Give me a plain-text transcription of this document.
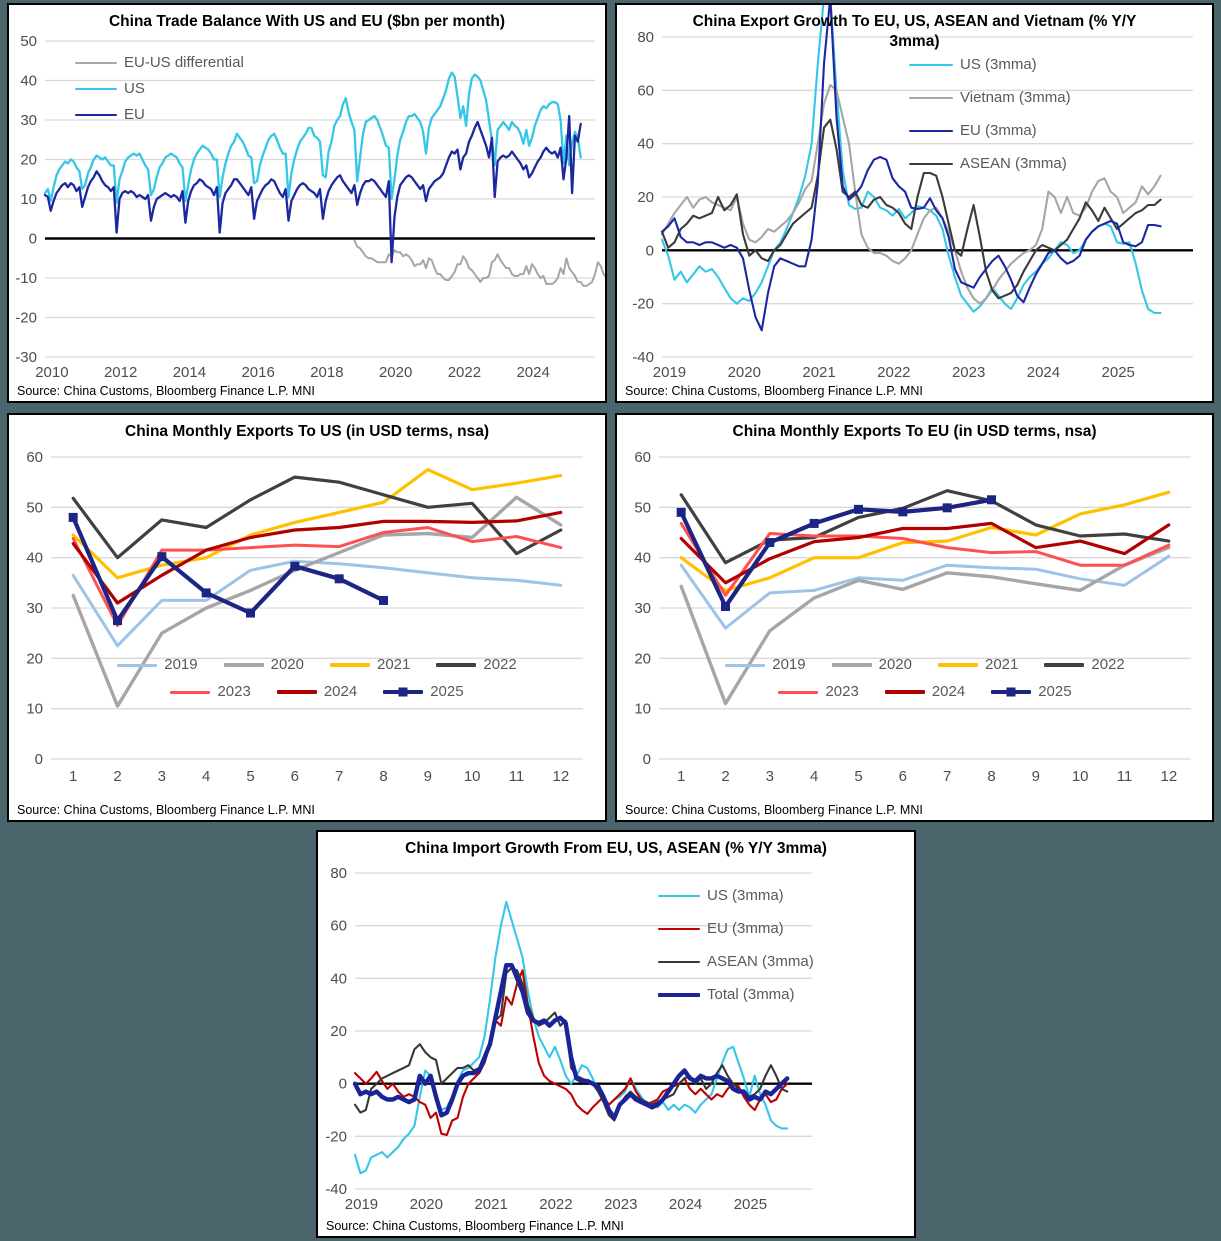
-30
-20
-10
0
10
20
30
40
50
2010 2012 2014 2016 2018 2020 2022 2024
China Trade Balance With US and EU ($bn per month)
Source: China Customs, Bloomberg Finance L.P. MNI
EU-US differential
US
EU
-40
-20
0
20
40
60
80
2019	2020	2021	2022	2023	2024	2025
China Export Growth To EU, US, ASEAN and Vietnam (% Y/Y
3mma)
Source: China Customs, Bloomberg Finance L.P. MNI
US (3mma)
Vietnam (3mma)
EU (3mma)
ASEAN (3mma)
0
10
20
30
40
50
60
1 2 3 4 5 6 7 8 9 10 11 12
China Monthly Exports To US (in USD terms, nsa)
Source: China Customs, Bloomberg Finance L.P. MNI
2019	2020	2021	2022
2023	2024	2025
0
10
20
30
40
50
60
1 2 3 4 5 6 7 8 9 10 11 12
China Monthly Exports To EU (in USD terms, nsa)
Source: China Customs, Bloomberg Finance L.P. MNI
2019	2020	2021	2022
2023	2024	2025
-40
-20
0
20
40
60
80
2019 2020 2021 2022 2023 2024 2025
China Import Growth From EU, US, ASEAN (% Y/Y 3mma)
Source: China Customs, Bloomberg Finance L.P. MNI
US (3mma)
EU (3mma)
ASEAN (3mma)
Total (3mma)
